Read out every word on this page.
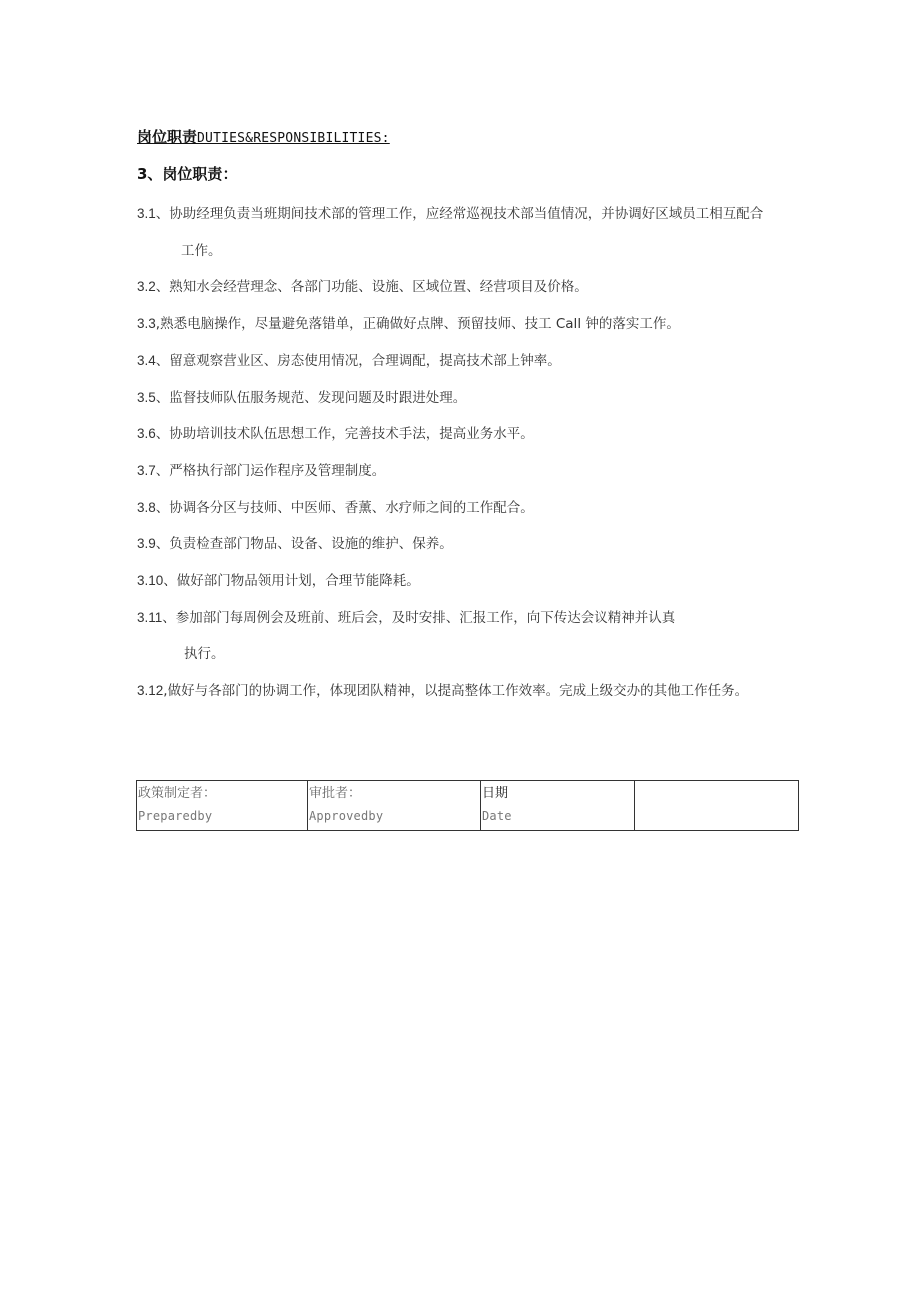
岗位职责DUTIES&RESPONSIBILITIES:
3、岗位职责：
3.1、协助经理负责当班期间技术部的管理工作，应经常巡视技术部当值情况，并协调好区域员工相互配合
工作。
3.2、熟知水会经营理念、各部门功能、设施、区域位置、经营项目及价格。
3.3,熟悉电脑操作，尽量避免落错单，正确做好点牌、预留技师、技工 Call 钟的落实工作。
3.4、留意观察营业区、房态使用情况，合理调配，提高技术部上钟率。
3.5、监督技师队伍服务规范、发现问题及时跟进处理。
3.6、协助培训技术队伍思想工作，完善技术手法，提高业务水平。
3.7、严格执行部门运作程序及管理制度。
3.8、协调各分区与技师、中医师、香薰、水疗师之间的工作配合。
3.9、负责检查部门物品、设备、设施的维护、保养。
3.10、做好部门物品领用计划，合理节能降耗。
3.11、参加部门每周例会及班前、班后会，及时安排、汇报工作，向下传达会议精神并认真
执行。
3.12,做好与各部门的协调工作，体现团队精神，以提高整体工作效率。完成上级交办的其他工作任务。
政策制定者：
Preparedby

审批者：
Approvedby

日期
Date
